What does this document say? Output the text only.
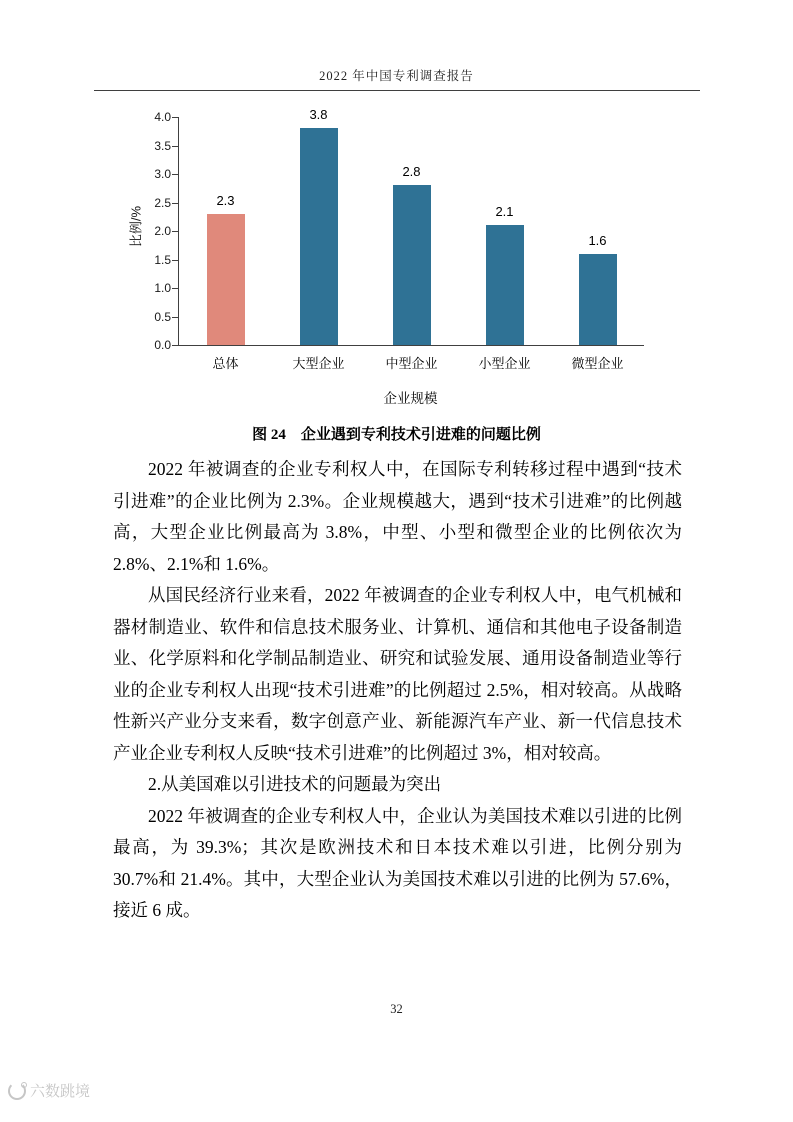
2022 年中国专利调查报告
比例/%
0.0
0.5
1.0
1.5
2.0
2.5
3.0
3.5
4.0
2.3
总体
3.8
大型企业
2.8
中型企业
2.1
小型企业
1.6
微型企业
企业规模
图 24　企业遇到专利技术引进难的问题比例

2022 年被调查的企业专利权人中，在国际专利转移过程中遇到“技术引进难”的企业比例为 2.3%。企业规模越大，遇到“技术引进难”的比例越高，大型企业比例最高为 3.8%，中型、小型和微型企业的比例依次为 2.8%、2.1%和 1.6%。

从国民经济行业来看，2022 年被调查的企业专利权人中，电气机械和器材制造业、软件和信息技术服务业、计算机、通信和其他电子设备制造业、化学原料和化学制品制造业、研究和试验发展、通用设备制造业等行业的企业专利权人出现“技术引进难”的比例超过 2.5%，相对较高。从战略性新兴产业分支来看，数字创意产业、新能源汽车产业、新一代信息技术产业企业专利权人反映“技术引进难”的比例超过 3%，相对较高。

2.从美国难以引进技术的问题最为突出

2022 年被调查的企业专利权人中，企业认为美国技术难以引进的比例最高，为 39.3%；其次是欧洲技术和日本技术难以引进，比例分别为 30.7%和 21.4%。其中，大型企业认为美国技术难以引进的比例为 57.6%，接近 6 成。

32
六数跳境
